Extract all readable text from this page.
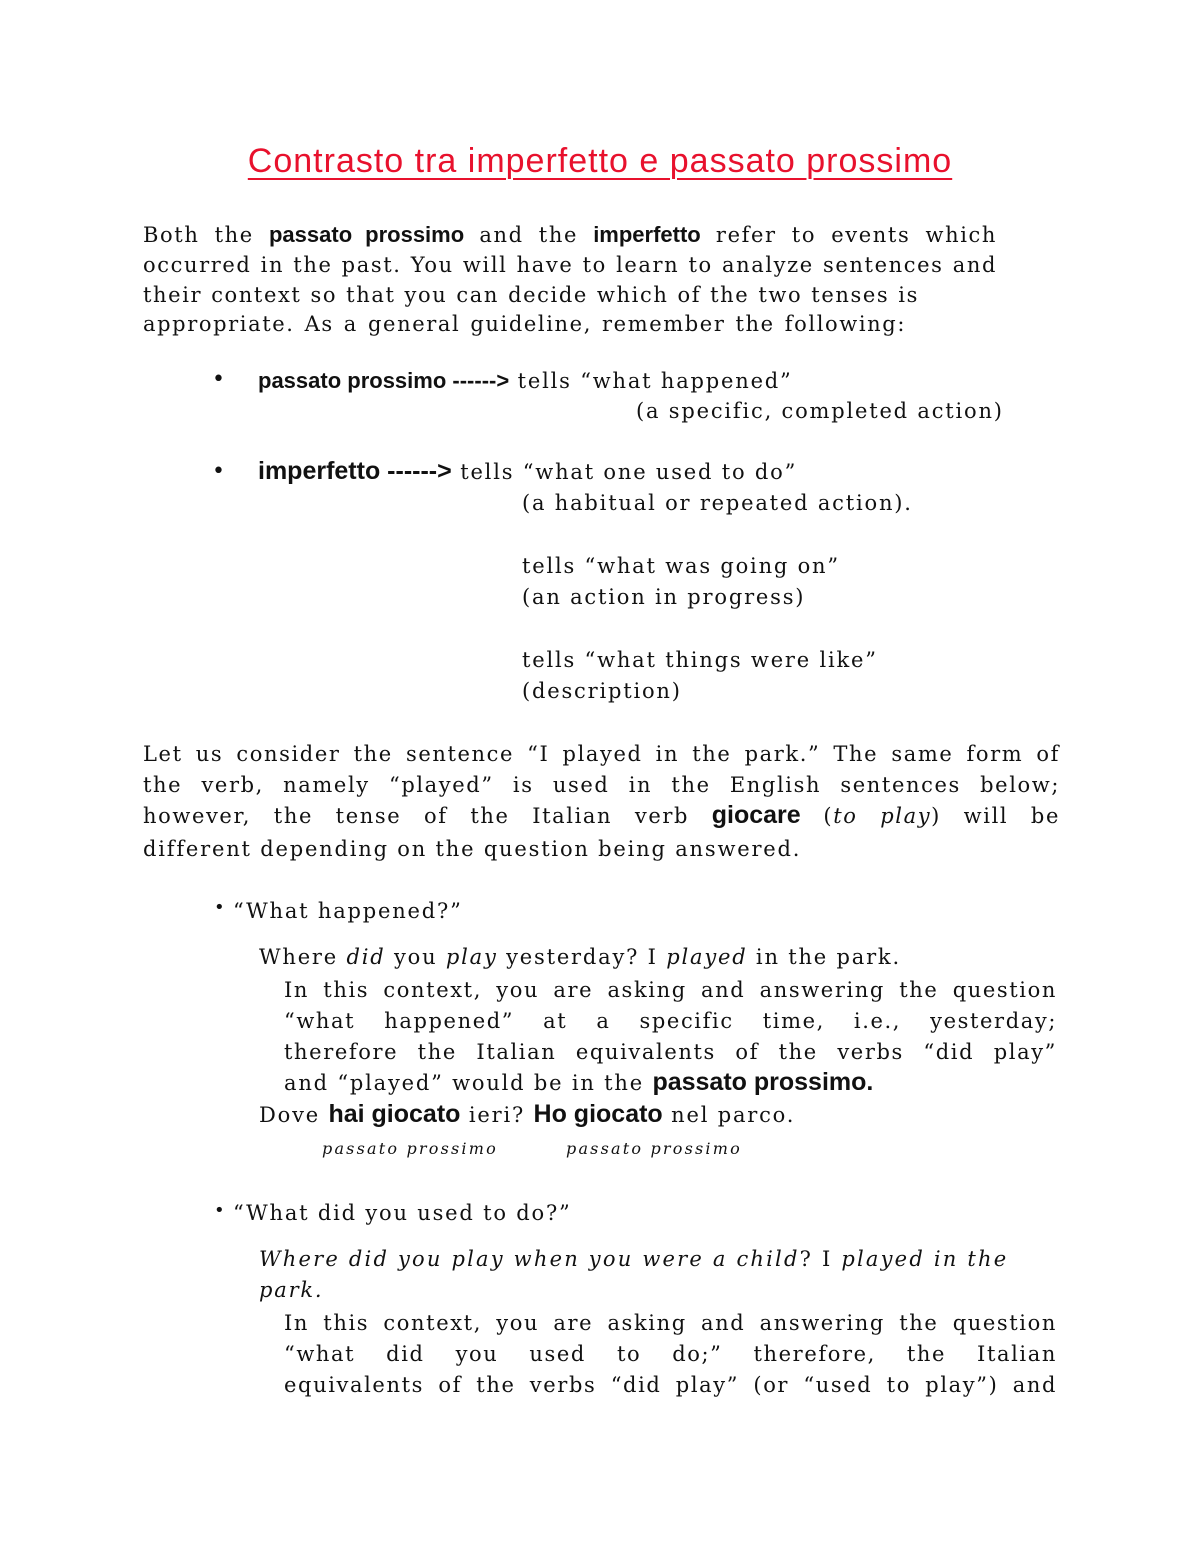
Contrasto tra imperfetto e passato prossimo
Both the passato prossimo and the imperfetto refer to events which
occurred in the past. You will have to learn to analyze sentences and
their context so that you can decide which of the two tenses is
appropriate. As a general guideline, remember the following:
• passato prossimo ------> tells “what happened”
(a specific, completed action)
• imperfetto ------> tells “what one used to do”
(a habitual or repeated action).
tells “what was going on”
(an action in progress)
tells “what things were like”
(description)
Let us consider the sentence “I played in the park.” The same form of
the verb, namely “played” is used in the English sentences below;
however, the tense of the Italian verb giocare (to play) will be
different depending on the question being answered.
• “What happened?”
Where did you play yesterday? I played in the park.
In this context, you are asking and answering the question
“what happened” at a specific time, i.e., yesterday;
therefore the Italian equivalents of the verbs “did play”
and “played” would be in the passato prossimo.
Dove hai giocato ieri? Ho giocato nel parco.
passato prossimo	passato prossimo
• “What did you used to do?”
Where did you play when you were a child? I played in the
park.
In this context, you are asking and answering the question
“what did you used to do;” therefore, the Italian
equivalents of the verbs “did play” (or “used to play”) and
